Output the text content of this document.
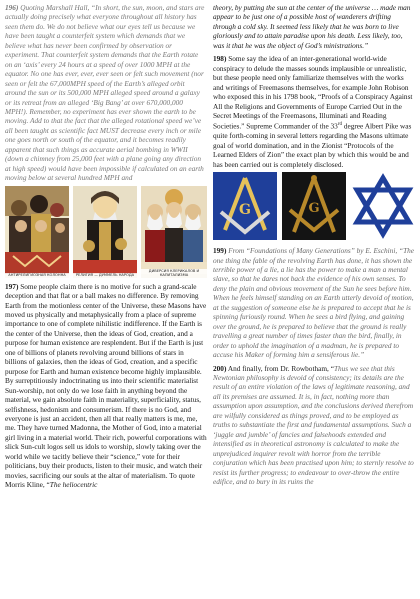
196) Quoting Marshall Hall, “In short, the sun, moon, and stars are actually doing precisely what everyone throughout all history has seen them do. We do not believe what our eyes tell us because we have been taught a counterfeit system which demands that we believe what has never been confirmed by observation or experiment. That counterfeit system demands that the Earth rotate on an ‘axis’ every 24 hours at a speed of over 1000 MPH at the equator. No one has ever, ever, ever seen or felt such movement (nor seen or felt the 67,000MPH speed of the Earth’s alleged orbit around the sun or its 500,000 MPH alleged speed around a galaxy or its retreat from an alleged ‘Big Bang’ at over 670,000,000 MPH!). Remember, no experiment has ever shown the earth to be moving. Add to that the fact that the alleged rotational speed we’ve all been taught as scientific fact MUST decrease every inch or mile one goes north or south of the equator, and it becomes readily apparent that such things as accurate aerial bombing in WWII (down a chimney from 25,000 feet with a plane going any direction at high speed) would have been impossible if calculated on an earth moving below at several hundred MPH and

АНТИРЕЛИГИОЗНАЯ КОЛОННА	РЕЛИГИЯ — ДУММЕЛЬ НАРОДА
ДИВЕРСИЯ КЛЕРИКАЛОВ И КАПИТАЛИЗМА

197) Some people claim there is no motive for such a grand-scale deception and that flat or a ball makes no difference. By removing Earth from the motionless center of the Universe, these Masons have moved us physically and metaphysically from a place of supreme importance to one of complete nihilistic indifference. If the Earth is the center of the Universe, then the ideas of God, creation, and a purpose for human existence are resplendent. But if the Earth is just one of billions of planets revolving around billions of stars in billions of galaxies, then the ideas of God, creation, and a specific purpose for Earth and human existence become highly implausible. By surreptitiously indoctrinating us into their scientific materialist Sun-worship, not only do we lose faith in anything beyond the material, we gain absolute faith in materiality, superficiality, status, selfishness, hedonism and consumerism. If there is no God, and everyone is just an accident, then all that really matters is me, me, me. They have turned Madonna, the Mother of God, into a material girl living in a material world. Their rich, powerful corporations with slick Sun-cult logos sell us idols to worship, slowly taking over the world while we tacitly believe their “science,” vote for their politicians, buy their products, listen to their music, and watch their movies, sacrificing our souls at the altar of materialism. To quote Morris Kline, “The heliocentric

theory, by putting the sun at the center of the universe … made man appear to be just one of a possible host of wanderers drifting through a cold sky. It seemed less likely that he was born to live gloriously and to attain paradise upon his death. Less likely, too, was it that he was the object of God’s ministrations.”

198) Some say the idea of an inter-generational world-wide conspiracy to delude the masses sounds implausible or unrealistic, but these people need only familiarize themselves with the works and writings of Freemasons themselves, for example John Robison who exposed this in his 1798 book, “Proofs of a Conspiracy Against All the Religions and Governments of Europe Carried Out in the Secret Meetings of the Freemasons, Illuminati and Reading Societies.” Supreme Commander of the 33rd degree Albert Pike was quite forth-coming in several letters regarding the Masons ultimate goal of world domination, and in the Zionist “Protocols of the Learned Elders of Zion” the exact plan by which this would be and has been carried out is completely disclosed.

G	G

199) From “Foundations of Many Generations” by E. Eschini, “The one thing the fable of the revolving Earth has done, it has shown the terrible power of a lie, a lie has the power to make a man a mental slave, so that he dares not back the evidence of his own senses. To deny the plain and obvious movement of the Sun he sees before him. When he feels himself standing on an Earth utterly devoid of motion, at the suggestion of someone else he is prepared to accept that he is spinning furiously round. When he sees a bird flying, and gaining over the ground, he is prepared to believe that the ground is really travelling a great number of times faster than the bird, finally, in order to uphold the imagination of a madman, he is prepared to accuse his Maker of forming him a sensiferous lie.”

200) And finally, from Dr. Rowbotham, “Thus we see that this Newtonian philosophy is devoid of consistency; its details are the result of an entire violation of the laws of legitimate reasoning, and all its premises are assumed. It is, in fact, nothing more than assumption upon assumption, and the conclusions derived therefrom are wilfully considered as things proved, and to be employed as truths to substantiate the first and fundamental assumptions. Such a ‘juggle and jumble’ of fancies and falsehoods extended and intensified as in theoretical astronomy is calculated to make the unprejudiced inquirer revolt with horror from the terrible conjuration which has been practised upon him; to sternly resolve to resist its further progress; to endeavour to over-throw the entire edifice, and to bury in its ruins the
